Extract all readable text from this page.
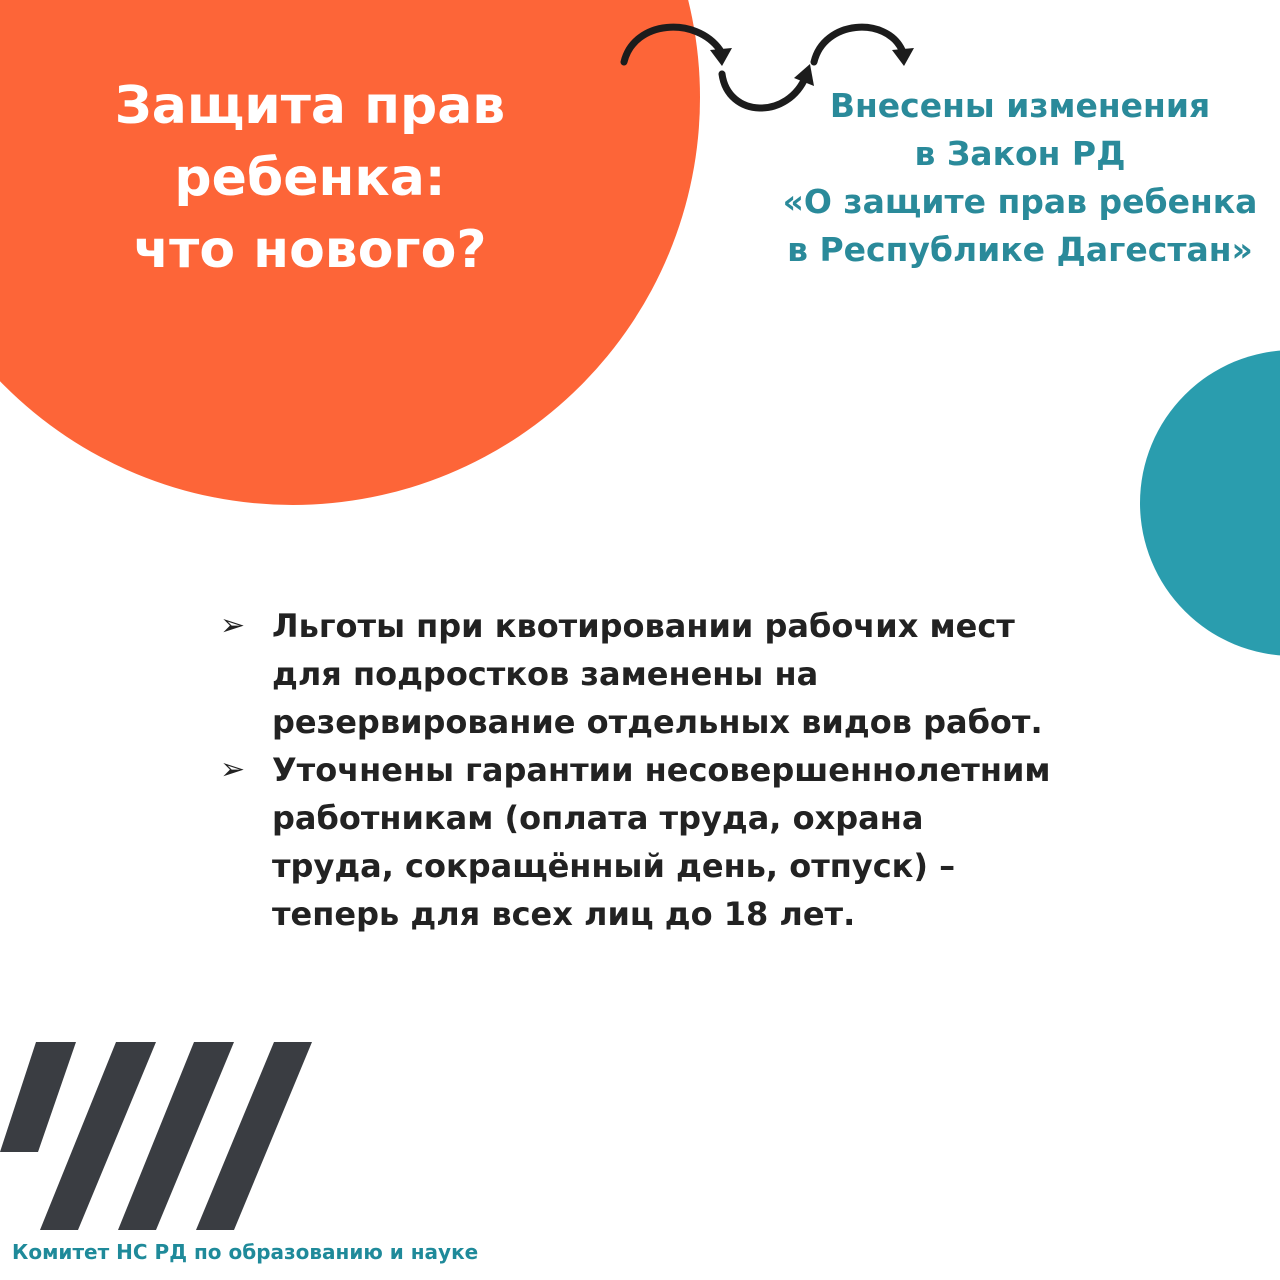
Защита прав
ребенка:
что нового?
Внесены изменения
в Закон РД
«О защите прав ребенка
в Республике Дагестан»
➢ Льготы при квотировании рабочих мест
для подростков заменены на
резервирование отдельных видов работ.
➢ Уточнены гарантии несовершеннолетним
работникам (оплата труда, охрана
труда, сокращённый день, отпуск) –
теперь для всех лиц до 18 лет.
Комитет НС РД по образованию и науке
